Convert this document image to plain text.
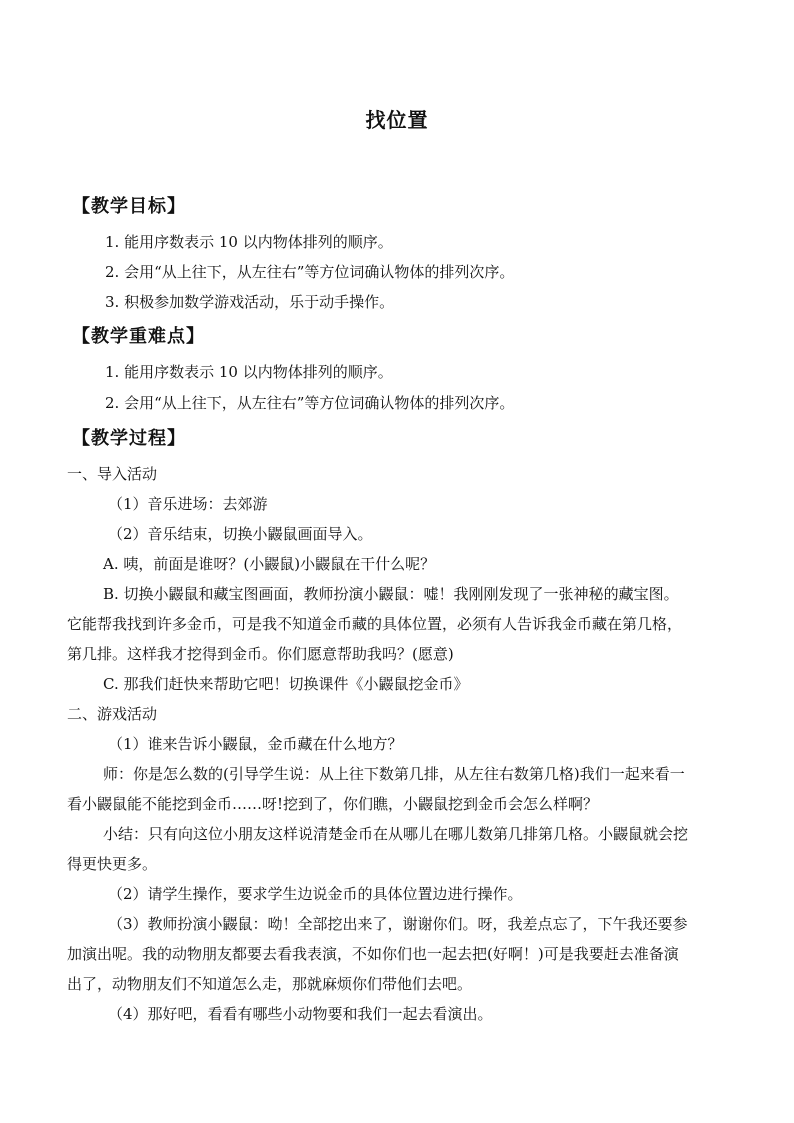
找位置
【教学目标】
1. 能用序数表示 10 以内物体排列的顺序。
2. 会用“从上往下，从左往右”等方位词确认物体的排列次序。
3. 积极参加数学游戏活动，乐于动手操作。
【教学重难点】
1. 能用序数表示 10 以内物体排列的顺序。
2. 会用“从上往下，从左往右”等方位词确认物体的排列次序。
【教学过程】
一、导入活动
（1）音乐进场：去郊游
（2）音乐结束，切换小鼹鼠画面导入。
A. 咦，前面是谁呀？(小鼹鼠)小鼹鼠在干什么呢？
B. 切换小鼹鼠和藏宝图画面，教师扮演小鼹鼠：嘘！我刚刚发现了一张神秘的藏宝图。
它能帮我找到许多金币，可是我不知道金币藏的具体位置，必须有人告诉我金币藏在第几格，
第几排。这样我才挖得到金币。你们愿意帮助我吗？(愿意)
C. 那我们赶快来帮助它吧！切换课件《小鼹鼠挖金币》
二、游戏活动
（1）谁来告诉小鼹鼠，金币藏在什么地方？
师：你是怎么数的(引导学生说：从上往下数第几排，从左往右数第几格)我们一起来看一
看小鼹鼠能不能挖到金币……呀!挖到了，你们瞧，小鼹鼠挖到金币会怎么样啊？
小结：只有向这位小朋友这样说清楚金币在从哪儿在哪儿数第几排第几格。小鼹鼠就会挖
得更快更多。
（2）请学生操作，要求学生边说金币的具体位置边进行操作。
（3）教师扮演小鼹鼠：呦！全部挖出来了，谢谢你们。呀，我差点忘了，下午我还要参
加演出呢。我的动物朋友都要去看我表演，不如你们也一起去把(好啊！)可是我要赶去准备演
出了，动物朋友们不知道怎么走，那就麻烦你们带他们去吧。
（4）那好吧，看看有哪些小动物要和我们一起去看演出。
